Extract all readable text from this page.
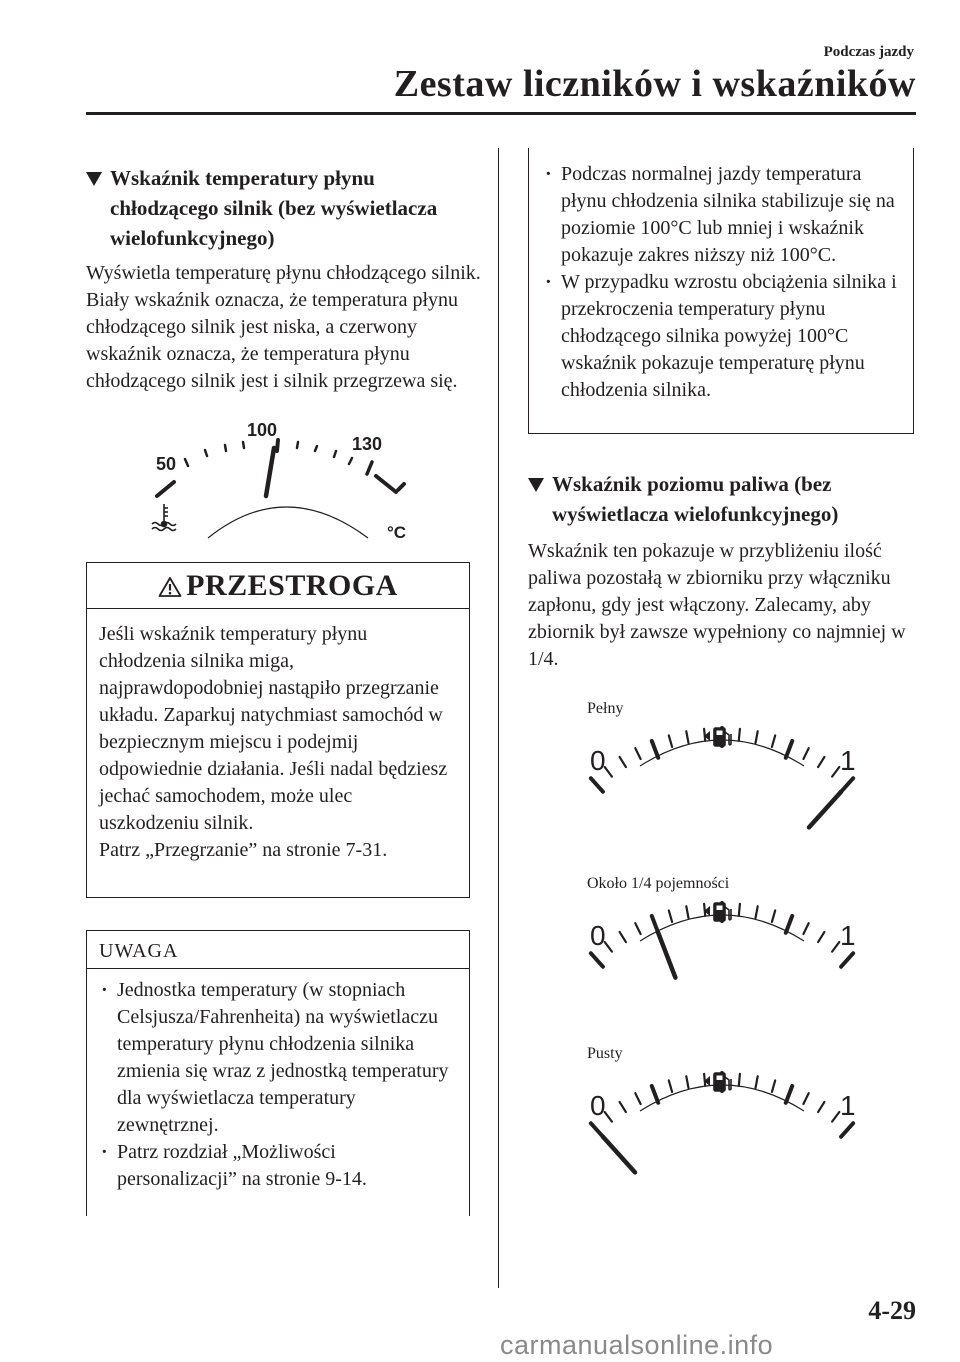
Podczas jazdy
Zestaw liczników i wskaźników
Wskaźnik temperatury płynu chłodzącego silnik (bez wyświetlacza wielofunkcyjnego)
Wyświetla temperaturę płynu chłodzącego silnik. Biały wskaźnik oznacza, że temperatura płynu chłodzącego silnik jest niska, a czerwony wskaźnik oznacza, że temperatura płynu chłodzącego silnik jest i silnik przegrzewa się.
50
100
130
°C
PRZESTROGA
Jeśli wskaźnik temperatury płynu chłodzenia silnika miga, najprawdopodobniej nastąpiło przegrzanie układu. Zaparkuj natychmiast samochód w bezpiecznym miejscu i podejmij odpowiednie działania. Jeśli nadal będziesz jechać samochodem, może ulec uszkodzeniu silnik.
Patrz „Przegrzanie” na stronie 7-31.
UWAGA
· Jednostka temperatury (w stopniach Celsjusza/Fahrenheita) na wyświetlaczu temperatury płynu chłodzenia silnika zmienia się wraz z jednostką temperatury dla wyświetlacza temperatury zewnętrznej.
· Patrz rozdział „Możliwości personalizacji” na stronie 9-14.
· Podczas normalnej jazdy temperatura płynu chłodzenia silnika stabilizuje się na poziomie 100°C lub mniej i wskaźnik pokazuje zakres niższy niż 100°C.
· W przypadku wzrostu obciążenia silnika i przekroczenia temperatury płynu chłodzącego silnika powyżej 100°C wskaźnik pokazuje temperaturę płynu chłodzenia silnika.
Wskaźnik poziomu paliwa (bez wyświetlacza wielofunkcyjnego)
Wskaźnik ten pokazuje w przybliżeniu ilość paliwa pozostałą w zbiorniku przy włączniku zapłonu, gdy jest włączony. Zalecamy, aby zbiornik był zawsze wypełniony co najmniej w 1/4.
Pełny
0	1
Około 1/4 pojemności
0	1
Pusty
0	1
4-29
carmanualsonline.info
